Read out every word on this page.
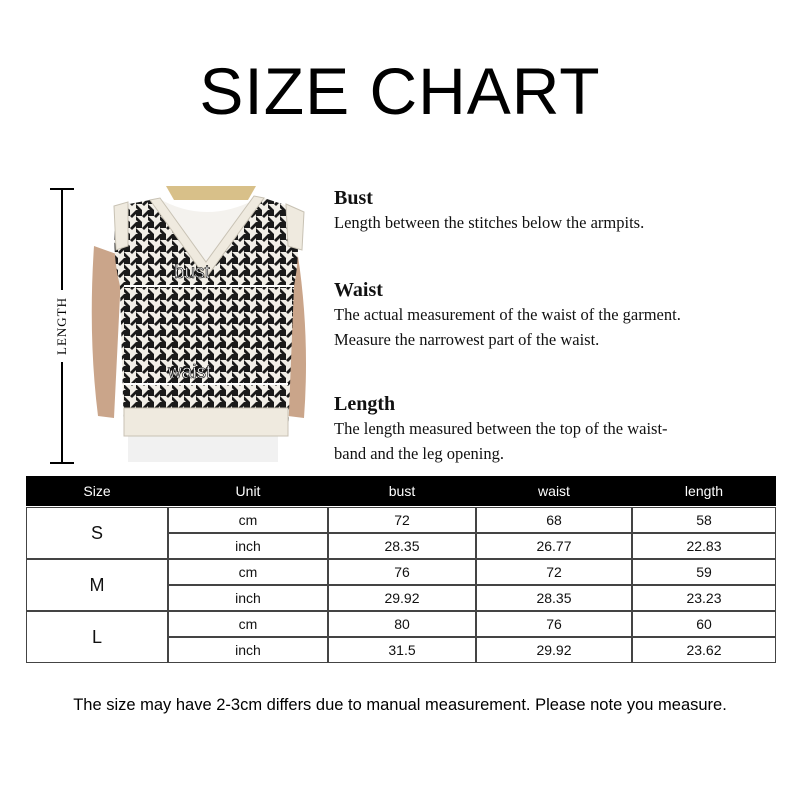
SIZE CHART
LENGTH
bust
waist
Bust

Length between the stitches below the armpits.

Waist

The actual measurement of the waist of the garment.

Measure the narrowest part of the waist.

Length

The length measured between the top of the waist-

band and the leg opening.

Size	Unit	bust	waist	length

S	cm	72	68	58
	inch	28.35	26.77	22.83
M	cm	76	72	59
	inch	29.92	28.35	23.23
L	cm	80	76	60
	inch	31.5	29.92	23.62
The size may have 2-3cm differs due to manual measurement. Please note you measure.
